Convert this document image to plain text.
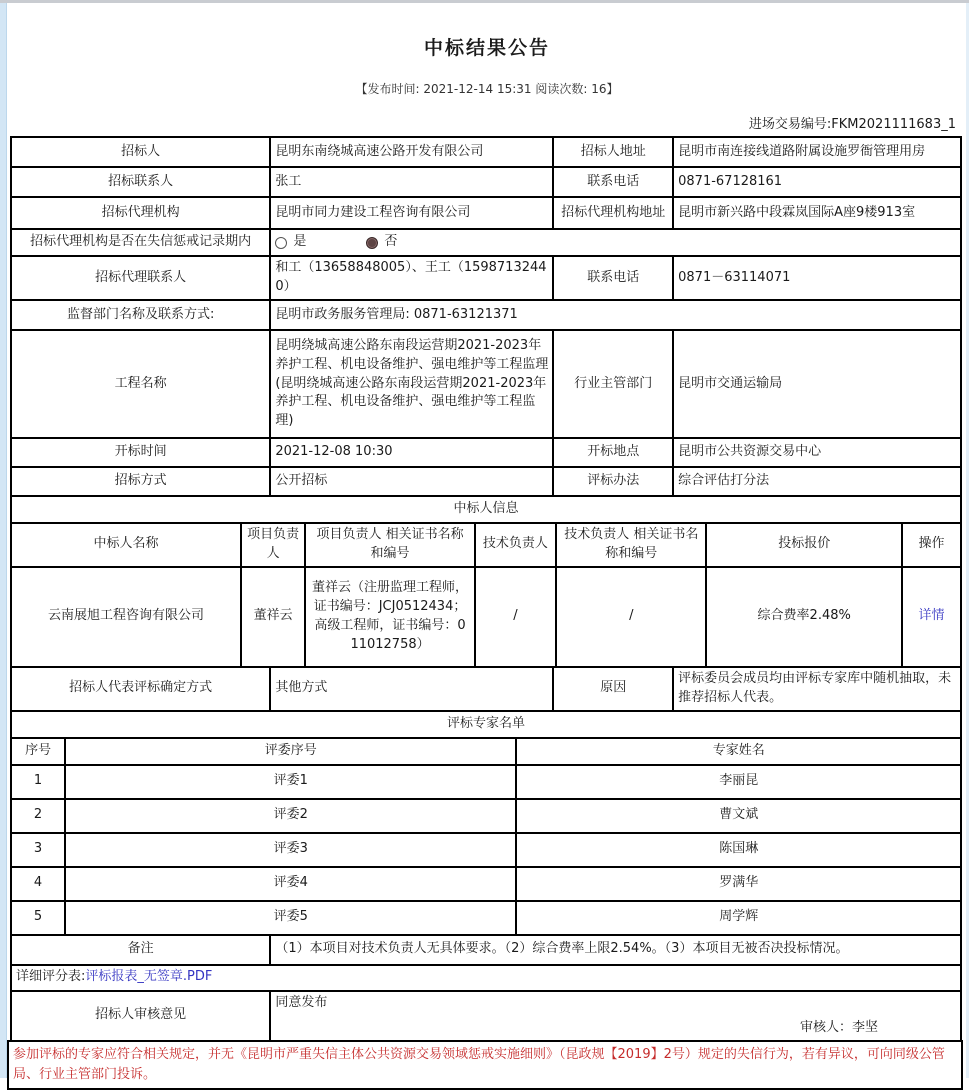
中标结果公告
【发布时间: 2021-12-14 15:31 阅读次数: 16】
进场交易编号:FKM2021111683_1
招标人	昆明东南绕城高速公路开发有限公司	招标人地址	昆明市南连接线道路附属设施罗衙管理用房
招标联系人	张工	联系电话	0871-67128161
招标代理机构	昆明市同力建设工程咨询有限公司	招标代理机构地址	昆明市新兴路中段霖岚国际A座9楼913室
招标代理机构是否在失信惩戒记录期内	是 否		

招标代理联系人	和工（13658848005）、王工（15987132440）	联系电话	0871－63114071
监督部门名称及联系方式:	昆明市政务服务管理局: 0871-63121371		
工程名称	昆明绕城高速公路东南段运营期2021-2023年养护工程、机电设备维护、强电维护等工程监理(昆明绕城高速公路东南段运营期2021-2023年养护工程、机电设备维护、强电维护等工程监理)	行业主管部门	昆明市交通运输局
开标时间	2021-12-08 10:30	开标地点	昆明市公共资源交易中心
招标方式	公开招标	评标办法	综合评估打分法
中标人信息			
中标人名称	项目负责人	项目负责人 相关证书名称和编号	技术负责人	技术负责人 相关证书名称和编号	投标报价	操作
云南展旭工程咨询有限公司	董祥云	董祥云（注册监理工程师，证书编号：JCJ0512434；高级工程师，证书编号：011012758）	/	/	综合费率2.48%	详情
招标人代表评标确定方式	其他方式	原因	评标委员会成员均由评标专家库中随机抽取，未推荐招标人代表。
评标专家名单
序号	评委序号	专家姓名
1	评委1	李丽昆
2	评委2	曹文斌
3	评委3	陈国琳
4	评委4	罗满华
5	评委5	周学辉
备注	（1）本项目对技术负责人无具体要求。（2）综合费率上限2.54%。（3）本项目无被否决投标情况。
详细评分表:评标报表_无签章.PDF	
招标人审核意见	同意发布
审核人：李坚
参加评标的专家应符合相关规定，并无《昆明市严重失信主体公共资源交易领域惩戒实施细则》（昆政规【2019】2号）规定的失信行为，若有异议，可向同级公管局、行业主管部门投诉。
